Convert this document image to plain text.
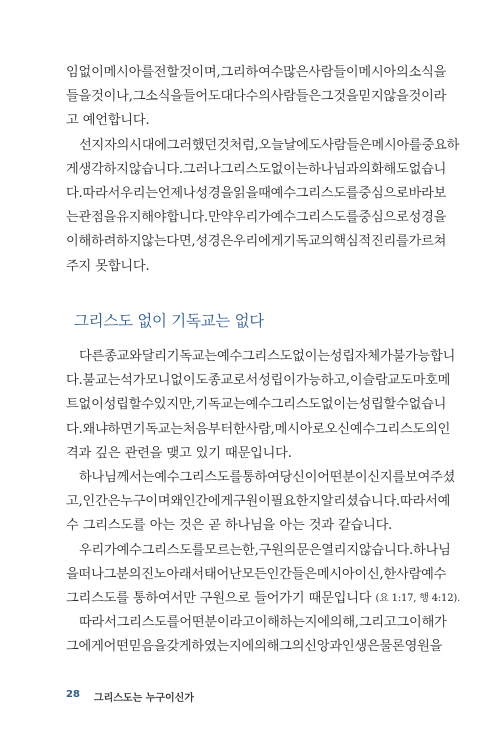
임없이 메시아를 전할 것이며, 그리하여 수많은 사람들이 메시아의 소식을
들을 것이나, 그 소식을 들어도 대다수의 사람들은 그것을 믿지 않을 것이라
고 예언합니다.
선지자의 시대에 그러했던 것처럼, 오늘날에도 사람들은 메시아를 중요하
게 생각하지 않습니다. 그러나 그리스도 없이는 하나님과의 화해도 없습니
다. 따라서 우리는 언제나 성경을 읽을 때 예수 그리스도를 중심으로 바라보
는 관점을 유지해야 합니다. 만약 우리가 예수 그리스도를 중심으로 성경을
이해하려 하지 않는다면, 성경은 우리에게 기독교의 핵심적 진리를 가르쳐
주지 못합니다.
그리스도 없이 기독교는 없다
다른 종교와 달리 기독교는 예수 그리스도 없이는 성립 자체가 불가능합니
다. 불교는 석가모니 없이도 종교로서 성립이 가능하고, 이슬람교도 마호메
트 없이 성립할 수 있지만, 기독교는 예수 그리스도 없이는 성립할 수 없습니
다. 왜냐하면 기독교는 처음부터 한 사람, 메시아로 오신 예수 그리스도의 인
격과 깊은 관련을 맺고 있기 때문입니다.
하나님께서는 예수 그리스도를 통하여 당신이 어떤 분이신지를 보여주셨
고, 인간은 누구이며 왜 인간에게 구원이 필요한지 알리셨습니다. 따라서 예
수 그리스도를 아는 것은 곧 하나님을 아는 것과 같습니다.
우리가 예수 그리스도를 모르는 한, 구원의 문은 열리지 않습니다. 하나님
을 떠나 그분의 진노 아래서 태어난 모든 인간들은 메시아이신, 한 사람 예수
그리스도를 통하여서만 구원으로 들어가기 때문입니다 (요 1:17, 행 4:12).
따라서 그리스도를 어떤 분이라고 이해하는지에 의해, 그리고 그 이해가
그에게 어떤 믿음을 갖게 하였는지에 의해 그의 신앙과 인생은 물론 영원을
28 그리스도는 누구이신가
